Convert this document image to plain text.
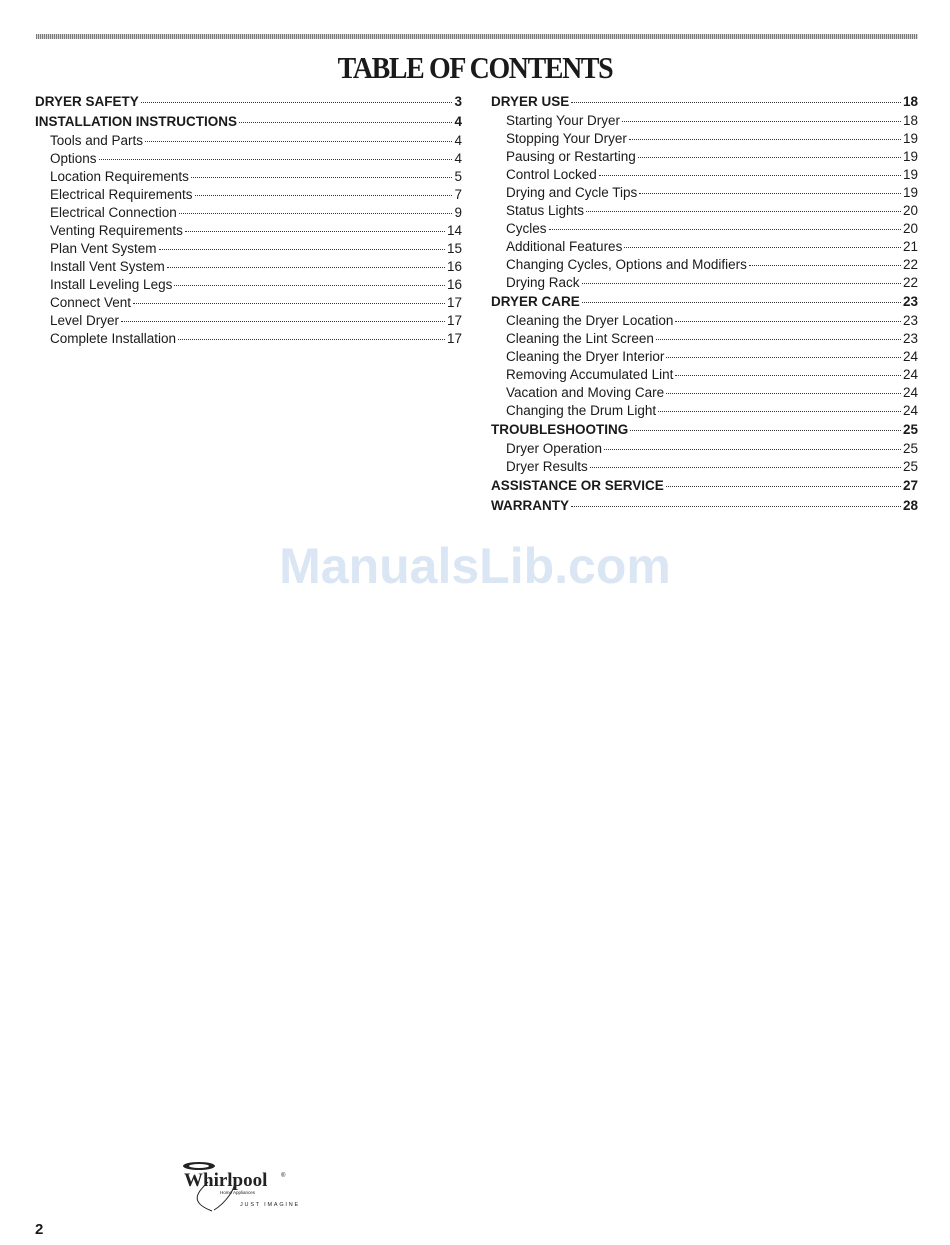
TABLE OF CONTENTS
DRYER SAFETY	3
INSTALLATION INSTRUCTIONS	4
Tools and Parts	4
Options	4
Location Requirements	5
Electrical Requirements	7
Electrical Connection	9
Venting Requirements	14
Plan Vent System	15
Install Vent System	16
Install Leveling Legs	16
Connect Vent	17
Level Dryer	17
Complete Installation	17
DRYER USE	18
Starting Your Dryer	18
Stopping Your Dryer	19
Pausing or Restarting	19
Control Locked	19
Drying and Cycle Tips	19
Status Lights	20
Cycles	20
Additional Features	21
Changing Cycles, Options and Modifiers	22
Drying Rack	22
DRYER CARE	23
Cleaning the Dryer Location	23
Cleaning the Lint Screen	23
Cleaning the Dryer Interior	24
Removing Accumulated Lint	24
Vacation and Moving Care	24
Changing the Drum Light	24
TROUBLESHOOTING	25
Dryer Operation	25
Dryer Results	25
ASSISTANCE OR SERVICE	27
WARRANTY	28
ManualsLib.com
Whirlpool ®
Home Appliances
JUST IMAGINE
2
